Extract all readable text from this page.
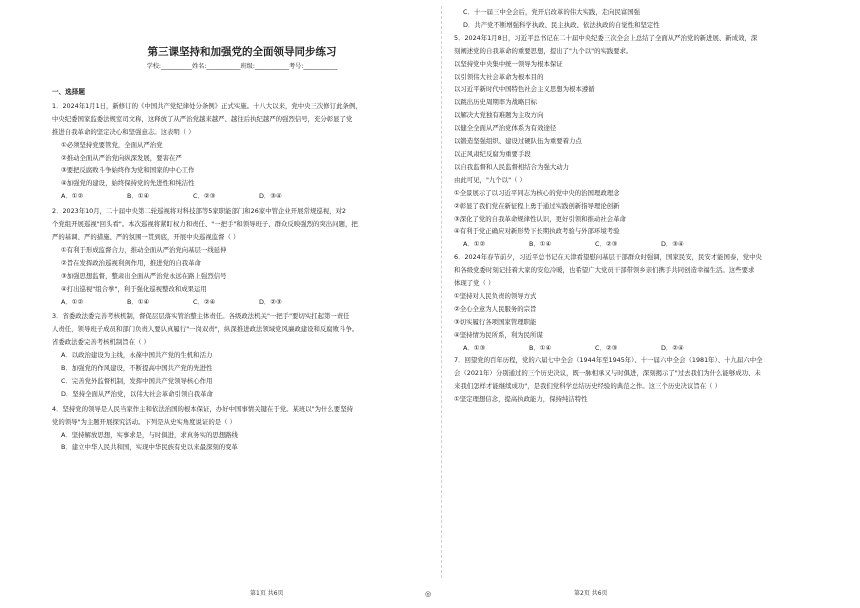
第三课坚持和加强党的全面领导同步练习
学校:__________姓名:___________班级:___________考号:___________
一、选择题
1．2024年1月1日，新修订的《中国共产党纪律处分条例》正式实施。十八大以来，党中央三次修订此条例，
中央纪委国家监委法规室司文称，这释放了从严治党越来越严、越往后执纪越严的强烈信号，充分彰显了党
推进自我革命的坚定决心和坚强意志。这表明（ ）
①必须坚持党要管党，全面从严治党
②推动全面从严治党向纵深发展，要害在严
③要把反腐败斗争始终作为党和国家的中心工作
④加强党的建设，始终保持党的先进性和纯洁性
A．①②	B．①④	C．②③	D．③④
2．2023年10月，二十届中央第二轮巡视将对科技部等5家职能部门和26家中管企业开展常规巡视，对2
个党组开展巡视"回头看"。本次巡视将紧盯权力和责任、"一把手"和领导班子、群众反映强烈的突出问题，把
严的基调、严的措施、严的氛围一贯到底，开展中央巡视监督（ ）
①有利于形成监督合力，推动全面从严治党向基层一线延伸
②旨在发挥政治巡视利剑作用，推进党的自我革命
③加强思想监督，整肃出全面从严治党永远在路上强烈信号
④打出巡视"组合拳"，利于强化巡视整改和成果运用
A．①②	B．①④	C．②④	D．②③
3．省委政法委完善考核机制，督促层层落实管治整主体责任。各级政法机关"一把手"要切实扛起第一责任
人责任，领导班子成员和部门负责人要认真履行"一岗双责"，纵深推进政法领域党风廉政建设和反腐败斗争。
省委政法委完善考核机制旨在（ ）
A．以政治建设为主线，永葆中国共产党的生机和活力
B．加强党的作风建设，不断提高中国共产党的先进性
C．完善党外监督机制，发挥中国共产党领导核心作用
D．坚持全面从严治党，以伟大社会革命引领自我革命
4．坚持党的领导是人民当家作主和依法治国的根本保证，办好中国事情关键在于党。某班以"为什么要坚持
党的领导"为主题开展探究活动。下列是从史实角度说证的是（ ）
A．坚持解放思想，实事求是，与时俱进，求真务实的思想路线
B．建立中华人民共和国，实现中华民族有史以来最深刻的变革
C．十一届三中全会后，党开启改革的伟大实践，走向民富国强
D．共产党不断增强科学执政、民主执政、依法执政的自觉性和坚定性
5．2024年1月8日，习近平总书记在二十届中央纪委三次全会上总结了全面从严治党的新进展、新成效，深
刻阐述党的自我革命的重要思想，提出了"九个以"的实践要求。
以坚持党中央集中统一领导为根本保证
以引领伟大社会革命为根本目的
以习近平新时代中国特色社会主义思想为根本遵循
以跳出历史周期率为战略目标
以解决大党独有难题为主攻方向
以健全全面从严治党体系为有效途径
以锻造坚强组织、建设过硬队伍为重要着力点
以正风肃纪反腐为重要手段
以自我监督和人民监督相结合为强大动力
由此可见，"九个以"（ ）
①全景展示了以习近平同志为核心的党中央的治国理政理念
②彰显了我们党在新征程上勇于通过实践创新指导理论创新
③深化了党的自我革命规律性认识，更好引领和推动社会革命
④有利于党正确应对新形势下长期执政考验与外部环境考验
A．①②	B．①④	C．②③	D．③④
6．2024年春节前夕，习近平总书记在天津看望慰问基层干部群众时强调，国家民安，民安才能国泰，党中央
和各级党委时刻记挂着大家的安危冷暖，也希望广大党员干部带领乡亲们携手共同创造幸福生活。这些要求
体现了党（ ）
①坚持对人民负责的领导方式
②全心全意为人民服务的宗旨
③切实履行各项国家管理职能
④坚持情为民所系，利为民所谋
A．①③	B．①④	C．②③	D．②④
7．回望党的百年历程，党的六届七中全会（1944年至1945年）、十一届六中全会（1981年）、十九届六中全
会（2021年）分别通过的三个历史决议，既一脉相承又与时俱进，深刻揭示了"过去我们为什么能够成功、未
来我们怎样才能继续成功"，是我们党科学总结历史经验的典范之作。这三个历史决议旨在（ ）
①坚定理想信念，提高执政能力，保持纯洁特性
第1页 共6页	◎	第2页 共6页
